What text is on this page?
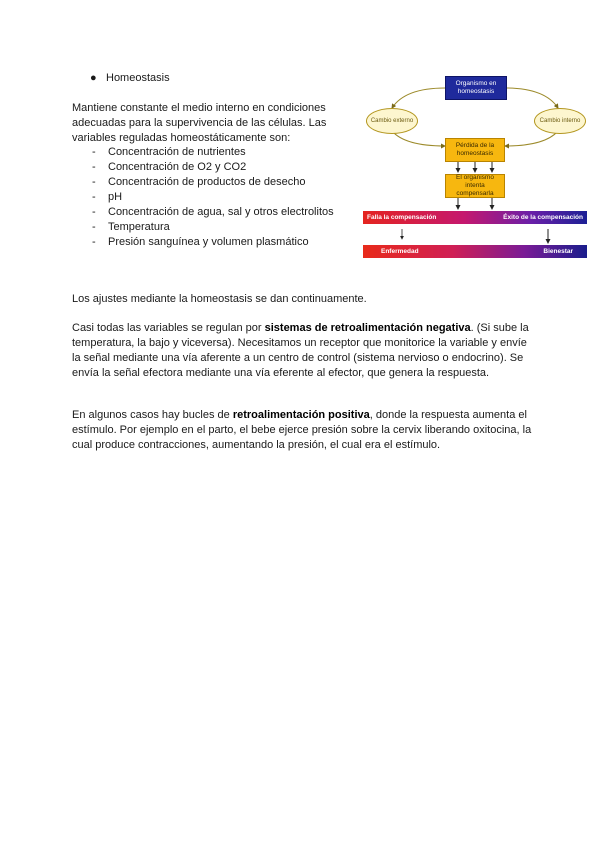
● Homeostasis
Mantiene constante el medio interno en condiciones adecuadas para la supervivencia de las células. Las variables reguladas homeostáticamente son:
- Concentración de nutrientes
- Concentración de O2 y CO2
- Concentración de productos de desecho
- pH
- Concentración de agua, sal y otros electrolitos
- Temperatura
- Presión sanguínea y volumen plasmático
Organismo en homeostasis
Cambio externo	Cambio interno
Pérdida de la homeostasis
El organismo intenta compensarla
Falla la compensación	Éxito de la compensación
Enfermedad	Bienestar
Los ajustes mediante la homeostasis se dan continuamente.
Casi todas las variables se regulan por sistemas de retroalimentación negativa. (Si sube la temperatura, la bajo y viceversa). Necesitamos un receptor que monitorice la variable y envíe la señal mediante una vía aferente a un centro de control (sistema nervioso o endocrino). Se envía la señal efectora mediante una vía eferente al efector, que genera la respuesta.
En algunos casos hay bucles de retroalimentación positiva, donde la respuesta aumenta el estímulo. Por ejemplo en el parto, el bebe ejerce presión sobre la cervix liberando oxitocina, la cual produce contracciones, aumentando la presión, el cual era el estímulo.
